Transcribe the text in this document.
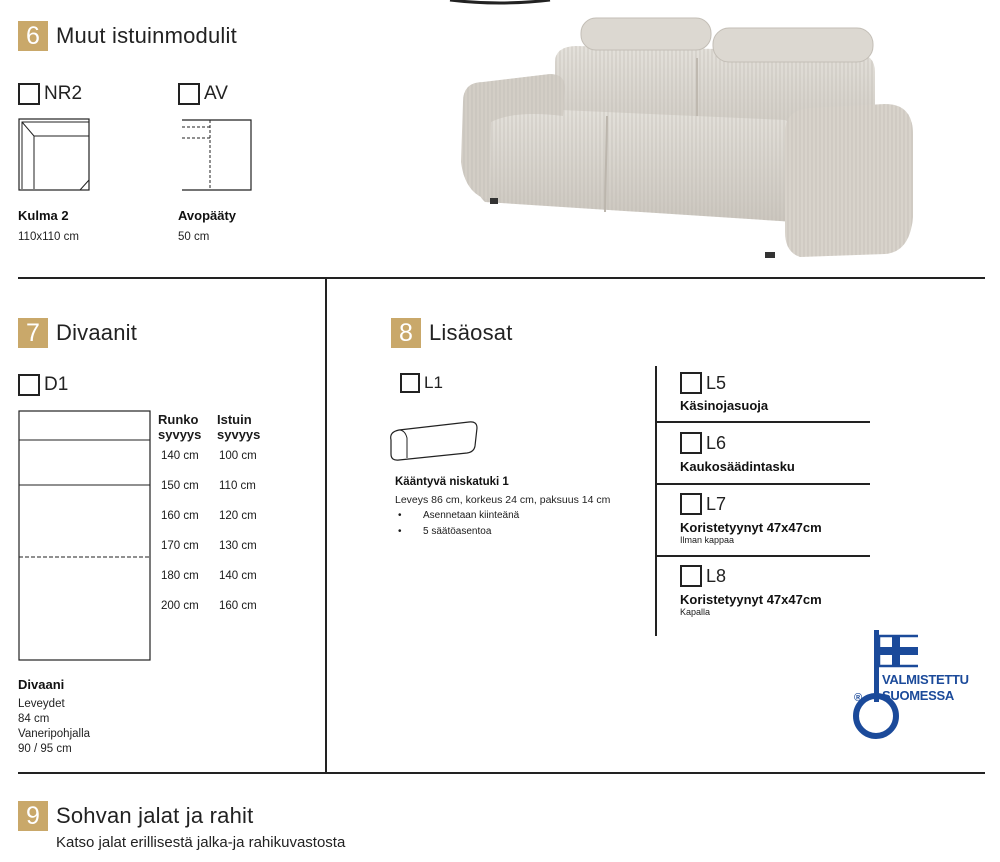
6 Muut istuinmodulit
NR2
Kulma 2
110x110 cm
AV
Avopääty
50 cm
7 Divaanit
D1
Runko
syvyys
Istuin
syvyys
140 cm 100 cm
150 cm 110 cm
160 cm 120 cm
170 cm 130 cm
180 cm 140 cm
200 cm 160 cm
Divaani
Leveydet
84 cm
Vaneripohjalla
90 / 95 cm
8 Lisäosat
L1
Kääntyvä niskatuki 1
Leveys 86 cm, korkeus 24 cm, paksuus 14 cm
• Asennetaan kiinteänä
• 5 säätöasentoa
L5
Käsinojasuoja
L6
Kaukosäädintasku
L7
Koristetyynyt 47x47cm
Ilman kappaa
L8
Koristetyynyt 47x47cm
Kapalla
VALMISTETTU
SUOMESSA
®
9 Sohvan jalat ja rahit
Katso jalat erillisestä jalka-ja rahikuvastosta
